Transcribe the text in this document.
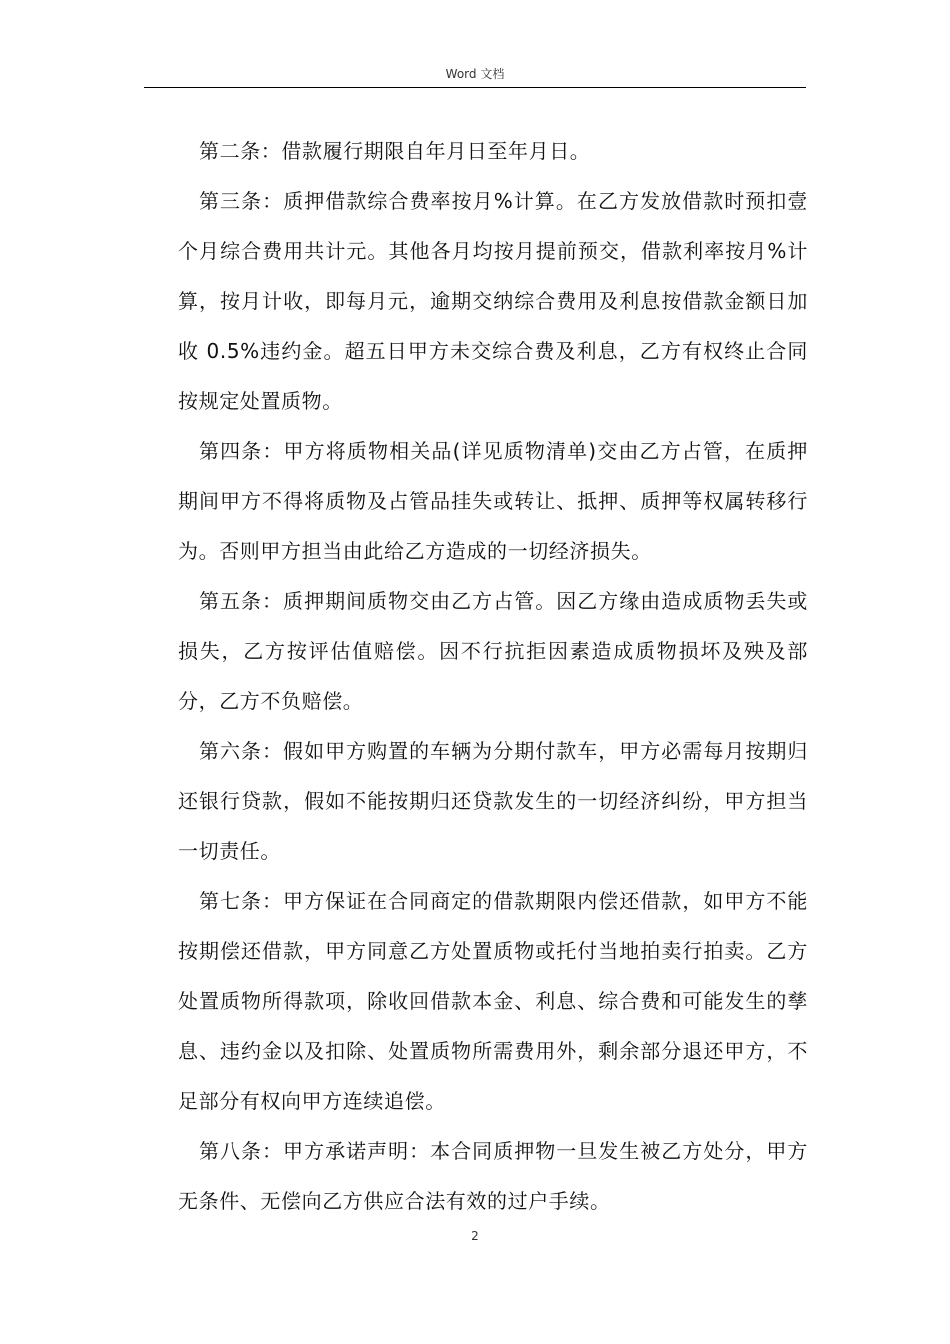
Word 文档

第二条：借款履行期限自年月日至年月日。

第三条：质押借款综合费率按月%计算。在乙方发放借款时预扣壹个月综合费用共计元。其他各月均按月提前预交，借款利率按月%计算，按月计收，即每月元，逾期交纳综合费用及利息按借款金额日加收 0.5%违约金。超五日甲方未交综合费及利息，乙方有权终止合同按规定处置质物。

第四条：甲方将质物相关品(详见质物清单)交由乙方占管，在质押期间甲方不得将质物及占管品挂失或转让、抵押、质押等权属转移行为。否则甲方担当由此给乙方造成的一切经济损失。

第五条：质押期间质物交由乙方占管。因乙方缘由造成质物丢失或损失，乙方按评估值赔偿。因不行抗拒因素造成质物损坏及殃及部分，乙方不负赔偿。

第六条：假如甲方购置的车辆为分期付款车，甲方必需每月按期归还银行贷款，假如不能按期归还贷款发生的一切经济纠纷，甲方担当一切责任。

第七条：甲方保证在合同商定的借款期限内偿还借款，如甲方不能按期偿还借款，甲方同意乙方处置质物或托付当地拍卖行拍卖。乙方处置质物所得款项，除收回借款本金、利息、综合费和可能发生的孳息、违约金以及扣除、处置质物所需费用外，剩余部分退还甲方，不足部分有权向甲方连续追偿。

第八条：甲方承诺声明：本合同质押物一旦发生被乙方处分，甲方无条件、无偿向乙方供应合法有效的过户手续。

2
